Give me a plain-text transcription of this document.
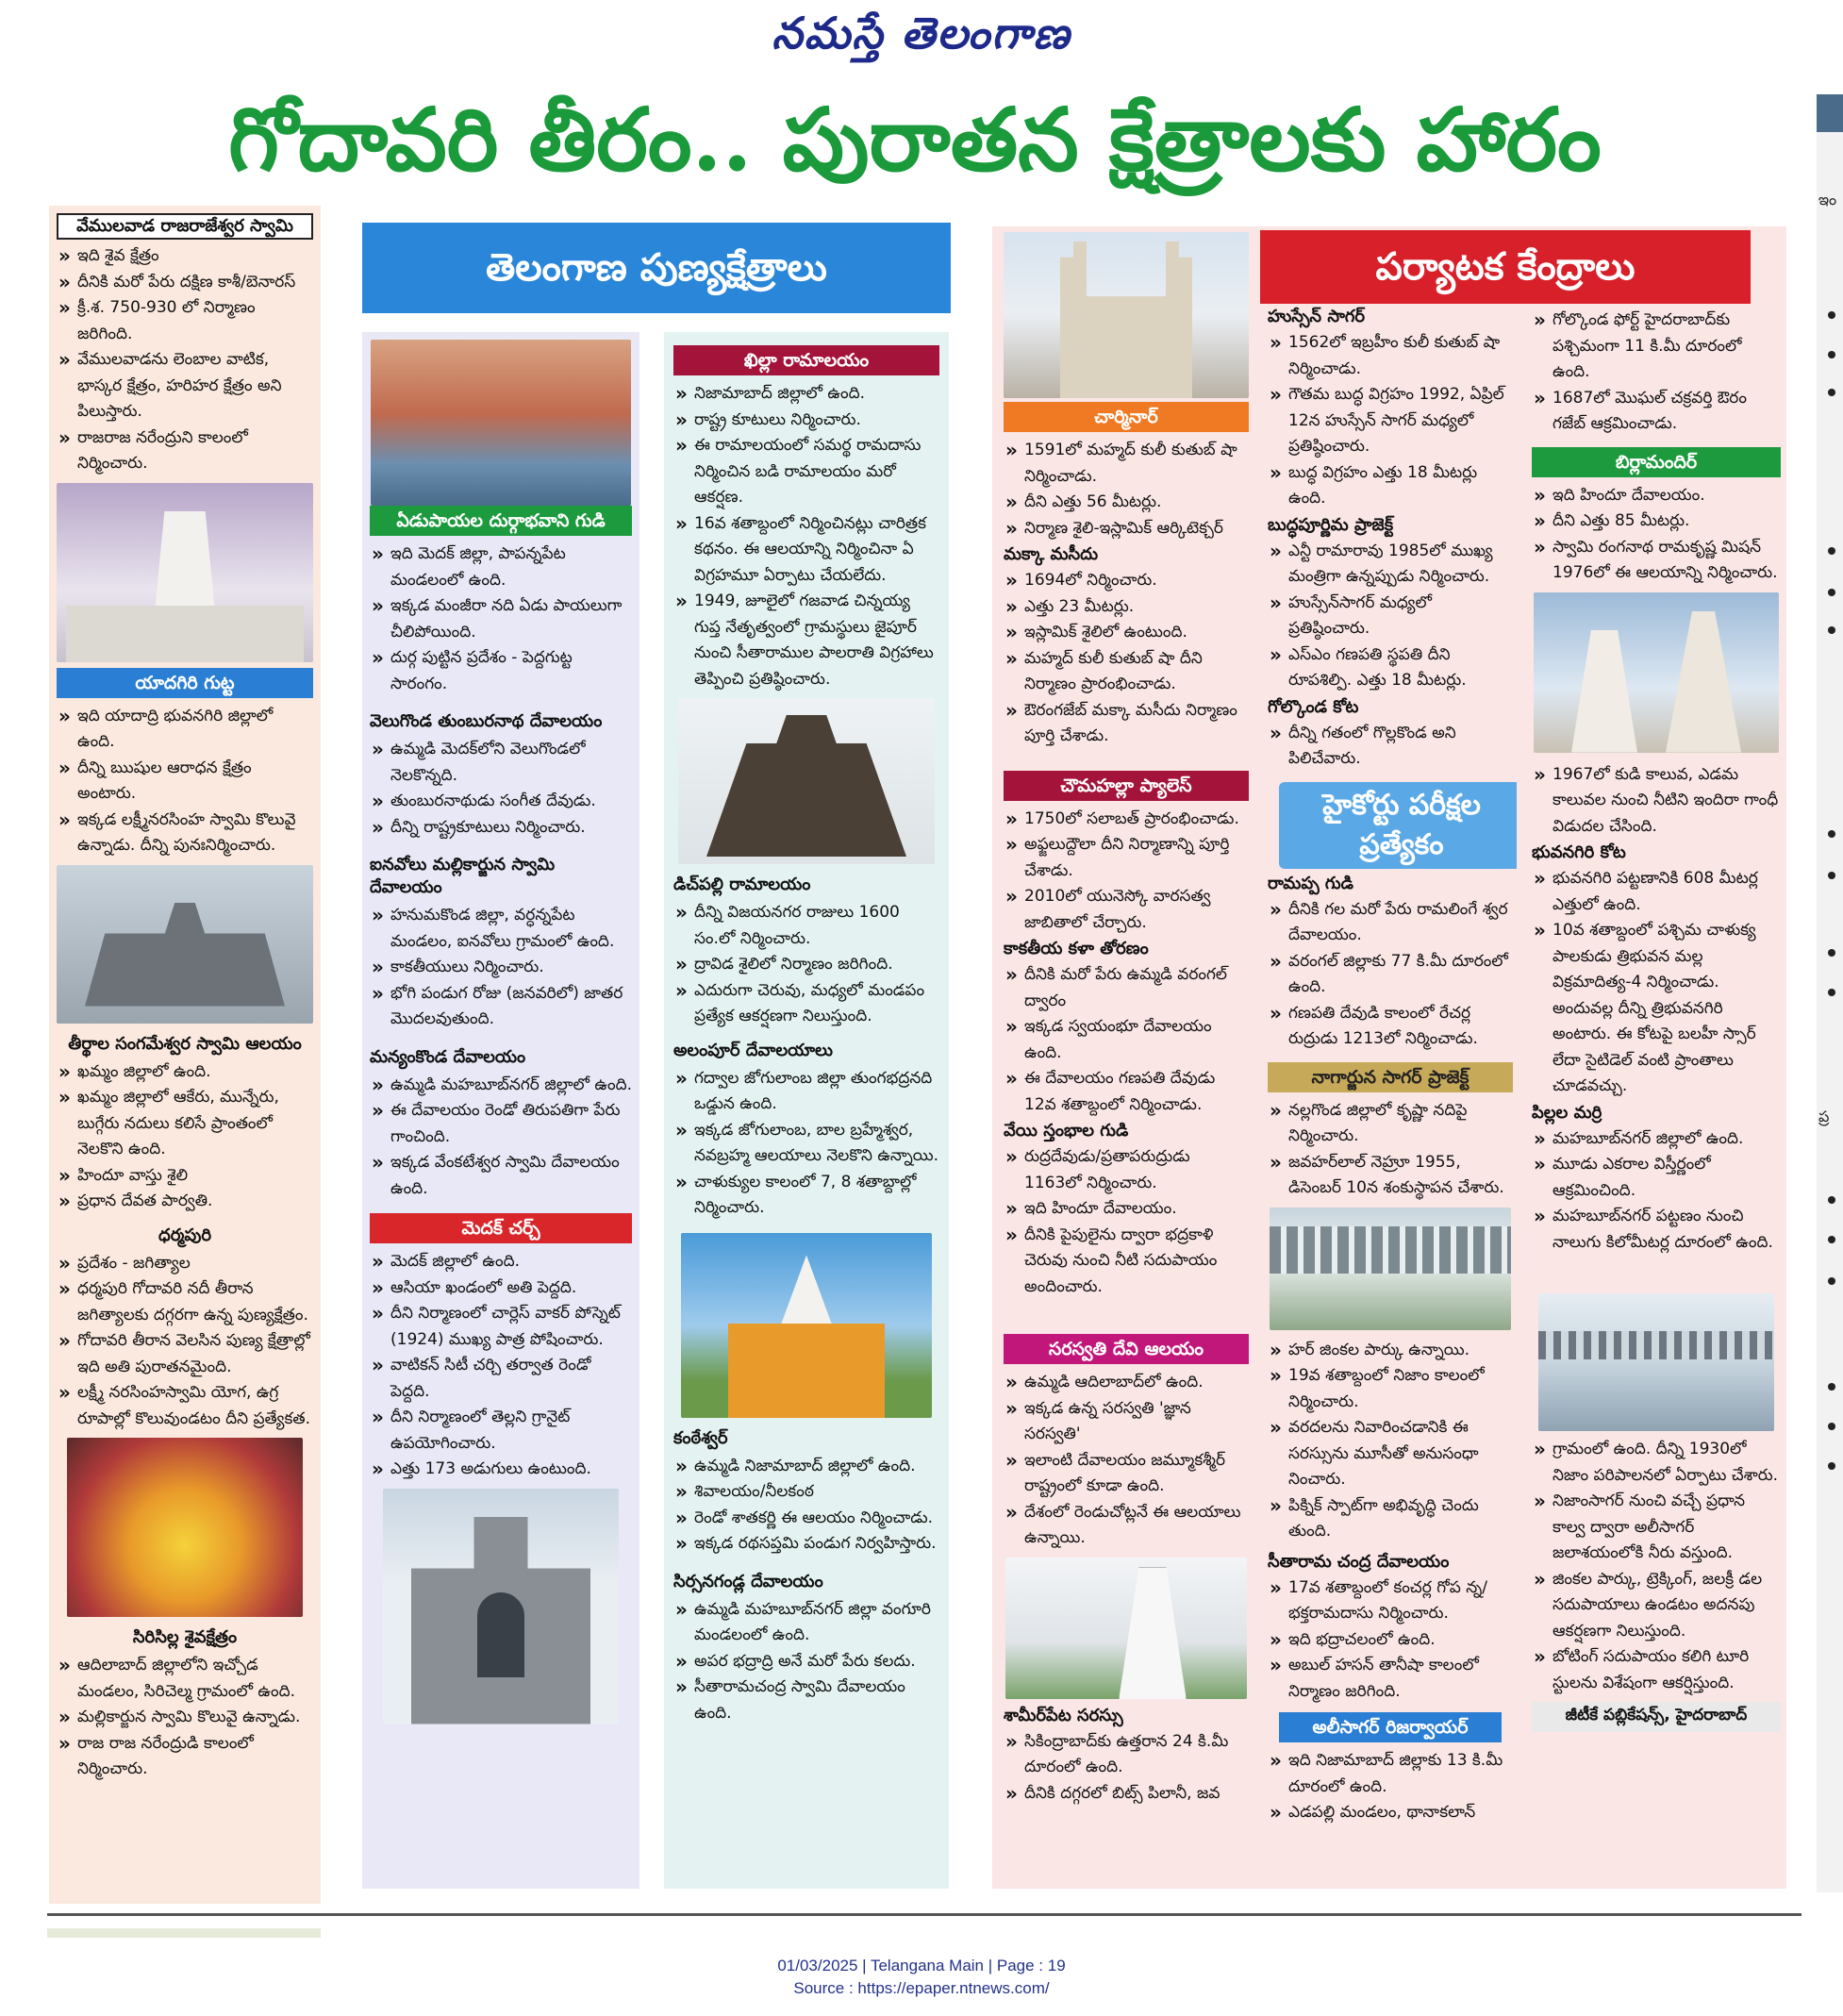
నమస్తే తెలంగాణ
గోదావరి తీరం.. పురాతన క్షేత్రాలకు హారం
వేములవాడ రాజరాజేశ్వర స్వామి
» ఇది శైవ క్షేత్రం
» దీనికి మరో పేరు దక్షిణ కాశీ/బెనారస్
» క్రీ.శ. 750-930 లో నిర్మాణం జరిగింది.
» వేములవాడను లెంబాల వాటిక, భాస్కర క్షేత్రం, హరిహర క్షేత్రం అని పిలుస్తారు.
» రాజరాజ నరేంద్రుని కాలంలో నిర్మించారు.
యాదగిరి గుట్ట
» ఇది యాదాద్రి భువనగిరి జిల్లాలో ఉంది.
» దీన్ని ఋషుల ఆరాధన క్షేత్రం అంటారు.
» ఇక్కడ లక్ష్మీనరసింహ స్వామి కొలువై ఉన్నాడు. దీన్ని పునఃనిర్మించారు.
తీర్థాల సంగమేశ్వర స్వామి ఆలయం
» ఖమ్మం జిల్లాలో ఉంది.
» ఖమ్మం జిల్లాలో ఆకేరు, మున్నేరు, బుగ్గేరు నదులు కలిసే ప్రాంతంలో నెలకొని ఉంది.
» హిందూ వాస్తు శైలి
» ప్రధాన దేవత పార్వతి.
ధర్మపురి
» ప్రదేశం - జగిత్యాల
» ధర్మపురి గోదావరి నదీ తీరాన జగిత్యాలకు దగ్గరగా ఉన్న పుణ్యక్షేత్రం.
» గోదావరి తీరాన వెలసిన పుణ్య క్షేత్రాల్లో ఇది అతి పురాతనమైంది.
» లక్ష్మీ నరసింహస్వామి యోగ, ఉగ్ర రూపాల్లో కొలువుండటం దీని ప్రత్యేకత.
సిరిసిల్ల శైవక్షేత్రం
» ఆదిలాబాద్ జిల్లాలోని ఇచ్చోడ మండలం, సిరిచెల్మ గ్రామంలో ఉంది.
» మల్లికార్జున స్వామి కొలువై ఉన్నాడు.
» రాజ రాజ నరేంద్రుడి కాలంలో నిర్మించారు.
తెలంగాణ పుణ్యక్షేత్రాలు
ఏడుపాయల దుర్గాభవాని గుడి
» ఇది మెదక్ జిల్లా, పాపన్నపేట మండలంలో ఉంది.
» ఇక్కడ మంజీరా నది ఏడు పాయలుగా చీలిపోయింది.
» దుర్గ పుట్టిన ప్రదేశం - పెద్దగుట్ట సారంగం.
వెలుగొండ తుంబురనాథ దేవాలయం
» ఉమ్మడి మెదక్‌లోని వెలుగొండలో నెలకొన్నది.
» తుంబురనాథుడు సంగీత దేవుడు.
» దీన్ని రాష్ట్రకూటులు నిర్మించారు.
ఐనవోలు మల్లికార్జున స్వామి దేవాలయం
» హనుమకొండ జిల్లా, వర్ధన్నపేట మండలం, ఐనవోలు గ్రామంలో ఉంది.
» కాకతీయులు నిర్మించారు.
» భోగి పండుగ రోజు (జనవరిలో) జాతర మొదలవుతుంది.
మన్యంకొండ దేవాలయం
» ఉమ్మడి మహబూబ్‌నగర్ జిల్లాలో ఉంది.
» ఈ దేవాలయం రెండో తిరుపతిగా పేరు గాంచింది.
» ఇక్కడ వేంకటేశ్వర స్వామి దేవాలయం ఉంది.
మెదక్ చర్చ్
» మెదక్ జిల్లాలో ఉంది.
» ఆసియా ఖండంలో అతి పెద్దది.
» దీని నిర్మాణంలో చార్లెస్ వాకర్ పోస్నెట్ (1924) ముఖ్య పాత్ర పోషించారు.
» వాటికన్ సిటీ చర్చి తర్వాత రెండో పెద్దది.
» దీని నిర్మాణంలో తెల్లని గ్రానైట్ ఉపయోగించారు.
» ఎత్తు 173 అడుగులు ఉంటుంది.
ఖిల్లా రామాలయం
» నిజామాబాద్ జిల్లాలో ఉంది.
» రాష్ట్ర కూటులు నిర్మించారు.
» ఈ రామాలయంలో సమర్థ రామదాసు నిర్మించిన బడి రామాలయం మరో ఆకర్షణ.
» 16వ శతాబ్దంలో నిర్మించినట్లు చారిత్రక కథనం. ఈ ఆలయాన్ని నిర్మించినా ఏ విగ్రహమూ ఏర్పాటు చేయలేదు.
» 1949, జూలైలో గజవాడ చిన్నయ్య గుప్త నేతృత్వంలో గ్రామస్థులు జైపూర్ నుంచి సీతారాముల పాలరాతి విగ్రహాలు తెప్పించి ప్రతిష్ఠించారు.
డిచ్‌పల్లి రామాలయం
» దీన్ని విజయనగర రాజులు 1600 సం.లో నిర్మించారు.
» ద్రావిడ శైలిలో నిర్మాణం జరిగింది.
» ఎదురుగా చెరువు, మధ్యలో మండపం ప్రత్యేక ఆకర్షణగా నిలుస్తుంది.
అలంపూర్ దేవాలయాలు
» గద్వాల జోగులాంబ జిల్లా తుంగభద్రనది ఒడ్డున ఉంది.
» ఇక్కడ జోగులాంబ, బాల బ్రహ్మేశ్వర, నవబ్రహ్మ ఆలయాలు నెలకొని ఉన్నాయి.
» చాళుక్యుల కాలంలో 7, 8 శతాబ్దాల్లో నిర్మించారు.
కంఠేశ్వర్
» ఉమ్మడి నిజామాబాద్ జిల్లాలో ఉంది.
» శివాలయం/నీలకంఠ
» రెండో శాతకర్ణి ఈ ఆలయం నిర్మించాడు.
» ఇక్కడ రథసప్తమి పండుగ నిర్వహిస్తారు.
సిర్సనగండ్ల దేవాలయం
» ఉమ్మడి మహబూబ్‌నగర్ జిల్లా వంగూరి మండలంలో ఉంది.
» అపర భద్రాద్రి అనే మరో పేరు కలదు.
» సీతారామచంద్ర స్వామి దేవాలయం ఉంది.
పర్యాటక కేంద్రాలు
చార్మినార్
» 1591లో మహ్మద్ కులీ కుతుబ్ షా నిర్మించాడు.
» దీని ఎత్తు 56 మీటర్లు.
» నిర్మాణ శైలి-ఇస్లామిక్ ఆర్కిటెక్చర్
మక్కా మసీదు
» 1694లో నిర్మించారు.
» ఎత్తు 23 మీటర్లు.
» ఇస్లామిక్ శైలిలో ఉంటుంది.
» మహ్మద్ కులీ కుతుబ్ షా దీని నిర్మాణం ప్రారంభించాడు.
» ఔరంగజేబ్ మక్కా మసీదు నిర్మాణం పూర్తి చేశాడు.
చౌమహల్లా ప్యాలెస్
» 1750లో సలాబత్ ప్రారంభించాడు.
» అఫ్జలుద్దౌలా దీని నిర్మాణాన్ని పూర్తి చేశాడు.
» 2010లో యునెస్కో వారసత్వ జాబితాలో చేర్చారు.
కాకతీయ కళా తోరణం
» దీనికి మరో పేరు ఉమ్మడి వరంగల్ ద్వారం
» ఇక్కడ స్వయంభూ దేవాలయం ఉంది.
» ఈ దేవాలయం గణపతి దేవుడు 12వ శతాబ్దంలో నిర్మించాడు.
వేయి స్తంభాల గుడి
» రుద్రదేవుడు/ప్రతాపరుద్రుడు 1163లో నిర్మించారు.
» ఇది హిందూ దేవాలయం.
» దీనికి పైపులైను ద్వారా భద్రకాళి చెరువు నుంచి నీటి సదుపాయం అందించారు.
సరస్వతి దేవి ఆలయం
» ఉమ్మడి ఆదిలాబాద్‌లో ఉంది.
» ఇక్కడ ఉన్న సరస్వతి 'జ్ఞాన సరస్వతి'
» ఇలాంటి దేవాలయం జమ్మూకశ్మీర్ రాష్ట్రంలో కూడా ఉంది.
» దేశంలో రెండుచోట్లనే ఈ ఆలయాలు ఉన్నాయి.
శామీర్‌పేట సరస్సు
» సికింద్రాబాద్‌కు ఉత్తరాన 24 కి.మీ దూరంలో ఉంది.
» దీనికి దగ్గరలో బిట్స్ పిలానీ, జవ
హుస్సేన్ సాగర్
» 1562లో ఇబ్రహీం కులీ కుతుబ్ షా నిర్మించాడు.
» గౌతమ బుద్ధ విగ్రహం 1992, ఏప్రిల్ 12న హుస్సేన్ సాగర్ మధ్యలో ప్రతిష్ఠించారు.
» బుద్ధ విగ్రహం ఎత్తు 18 మీటర్లు ఉంది.
బుద్ధపూర్ణిమ ప్రాజెక్ట్
» ఎన్టీ రామారావు 1985లో ముఖ్య మంత్రిగా ఉన్నప్పుడు నిర్మించారు.
» హుస్సేన్‌సాగర్ మధ్యలో ప్రతిష్ఠించారు.
» ఎస్ఎం గణపతి స్థపతి దీని రూపశిల్పి. ఎత్తు 18 మీటర్లు.
గోల్కొండ కోట
» దీన్ని గతంలో గొల్లకొండ అని పిలిచేవారు.
హైకోర్టు పరీక్షల
ప్రత్యేకం
రామప్ప గుడి
» దీనికి గల మరో పేరు రామలింగే శ్వర దేవాలయం.
» వరంగల్ జిల్లాకు 77 కి.మీ దూరంలో ఉంది.
» గణపతి దేవుడి కాలంలో రేచర్ల రుద్రుడు 1213లో నిర్మించాడు.
నాగార్జున సాగర్ ప్రాజెక్ట్
» నల్లగొండ జిల్లాలో కృష్ణా నదిపై నిర్మించారు.
» జవహర్‌లాల్ నెహ్రూ 1955, డిసెంబర్ 10న శంకుస్థాపన చేశారు.
» హర్ జింకల పార్కు ఉన్నాయి.
» 19వ శతాబ్దంలో నిజాం కాలంలో నిర్మించారు.
» వరదలను నివారించడానికి ఈ సరస్సును మూసీతో అనుసంధా నించారు.
» పిక్నిక్ స్పాట్‌గా అభివృద్ధి చెందు తుంది.
సీతారామ చంద్ర దేవాలయం
» 17వ శతాబ్దంలో కంచర్ల గోప న్న/భక్తరామదాసు నిర్మించారు.
» ఇది భద్రాచలంలో ఉంది.
» అబుల్ హసన్ తానీషా కాలంలో నిర్మాణం జరిగింది.
అలీసాగర్ రిజర్వాయర్
» ఇది నిజామాబాద్ జిల్లాకు 13 కి.మీ దూరంలో ఉంది.
» ఎడపల్లి మండలం, థానాకలాన్
» గోల్కొండ ఫోర్ట్ హైదరాబాద్‌కు పశ్చిమంగా 11 కి.మీ దూరంలో ఉంది.
» 1687లో మొఘల్ చక్రవర్తి ఔరం గజేబ్ ఆక్రమించాడు.
బిర్లామందిర్
» ఇది హిందూ దేవాలయం.
» దీని ఎత్తు 85 మీటర్లు.
» స్వామి రంగనాథ రామకృష్ణ మిషన్ 1976లో ఈ ఆలయాన్ని నిర్మించారు.
» 1967లో కుడి కాలువ, ఎడమ కాలువల నుంచి నీటిని ఇందిరా గాంధీ విడుదల చేసింది.
భువనగిరి కోట
» భువనగిరి పట్టణానికి 608 మీటర్ల ఎత్తులో ఉంది.
» 10వ శతాబ్దంలో పశ్చిమ చాళుక్య పాలకుడు త్రిభువన మల్ల విక్రమాదిత్య-4 నిర్మించాడు. అందువల్ల దీన్ని త్రిభువనగిరి అంటారు. ఈ కోటపై బలహీ స్సార్ లేదా సైటిడెల్ వంటి ప్రాంతాలు చూడవచ్చు.
పిల్లల మర్రి
» మహబూబ్‌నగర్ జిల్లాలో ఉంది.
» మూడు ఎకరాల విస్తీర్ణంలో ఆక్రమించింది.
» మహబూబ్‌నగర్ పట్టణం నుంచి నాలుగు కిలోమీటర్ల దూరంలో ఉంది.
» గ్రామంలో ఉంది. దీన్ని 1930లో నిజాం పరిపాలనలో ఏర్పాటు చేశారు.
» నిజాంసాగర్ నుంచి వచ్చే ప్రధాన కాల్వ ద్వారా అలీసాగర్ జలాశయంలోకి నీరు వస్తుంది.
» జింకల పార్కు, ట్రెక్కింగ్, జలక్రీ డల సదుపాయాలు ఉండటం అదనపు ఆకర్షణగా నిలుస్తుంది.
» బోటింగ్ సదుపాయం కలిగి టూరి స్టులను విశేషంగా ఆకర్షిస్తుంది.
జీటీకే పబ్లికేషన్స్, హైదరాబాద్
ఇం
ప్ర
01/03/2025 | Telangana Main | Page : 19
Source : https://epaper.ntnews.com/
